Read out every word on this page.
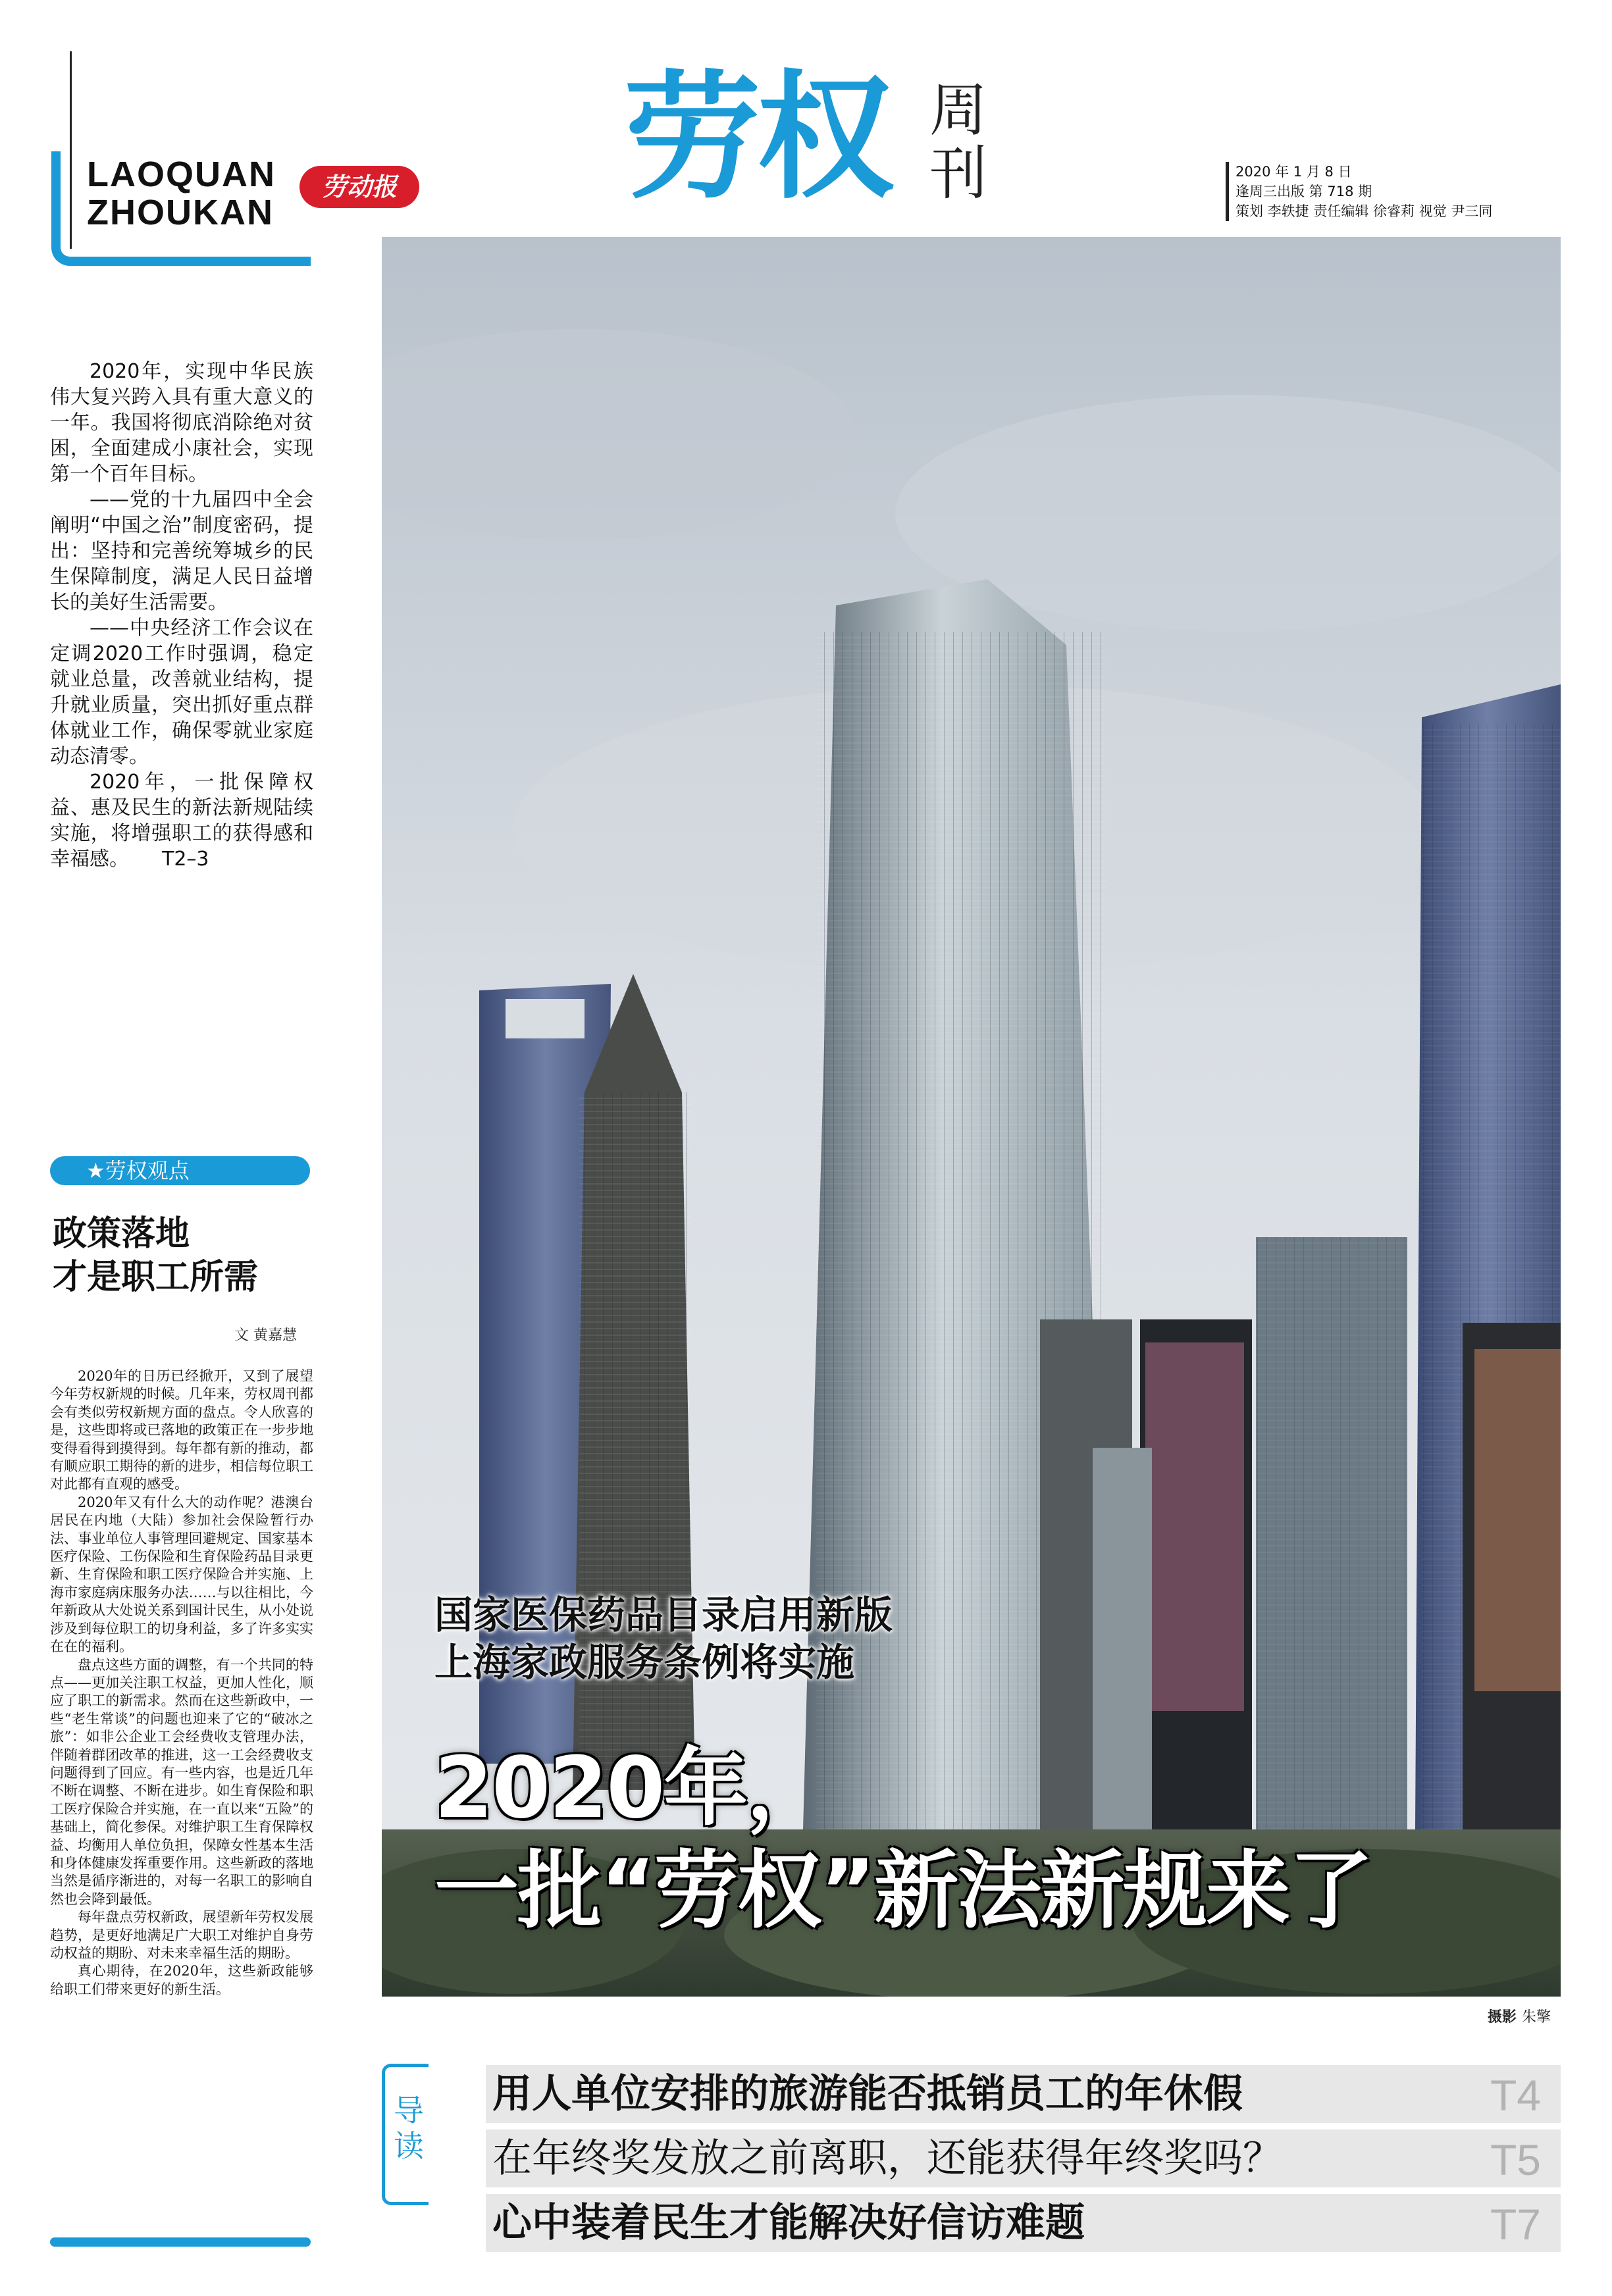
LAOQUAN
ZHOUKAN
劳动报 劳权 周刊	2020 年 1 月 8 日
逢周三出版 第 718 期
策划 李轶捷 责任编辑 徐睿莉 视觉 尹三同

2020年，实现中华民族伟大复兴跨入具有重大意义的一年。我国将彻底消除绝对贫困，全面建成小康社会，实现第一个百年目标。

——党的十九届四中全会阐明“中国之治”制度密码，提出：坚持和完善统筹城乡的民生保障制度，满足人民日益增长的美好生活需要。

——中央经济工作会议在定调2020工作时强调，稳定就业总量，改善就业结构，提升就业质量，突出抓好重点群体就业工作，确保零就业家庭动态清零。

2020年，一批保障权益、惠及民生的新法新规陆续实施，将增强职工的获得感和幸福感。 T2–3

★劳权观点
政策落地
才是职工所需
文 黄嘉慧

2020年的日历已经掀开，又到了展望今年劳权新规的时候。几年来，劳权周刊都会有类似劳权新规方面的盘点。令人欣喜的是，这些即将或已落地的政策正在一步步地变得看得到摸得到。每年都有新的推动，都有顺应职工期待的新的进步，相信每位职工对此都有直观的感受。

2020年又有什么大的动作呢？港澳台居民在内地（大陆）参加社会保险暂行办法、事业单位人事管理回避规定、国家基本医疗保险、工伤保险和生育保险药品目录更新、生育保险和职工医疗保险合并实施、上海市家庭病床服务办法……与以往相比，今年新政从大处说关系到国计民生，从小处说涉及到每位职工的切身利益，多了许多实实在在的福利。

盘点这些方面的调整，有一个共同的特点——更加关注职工权益，更加人性化，顺应了职工的新需求。然而在这些新政中，一些“老生常谈”的问题也迎来了它的“破冰之旅”：如非公企业工会经费收支管理办法，伴随着群团改革的推进，这一工会经费收支问题得到了回应。有一些内容，也是近几年不断在调整、不断在进步。如生育保险和职工医疗保险合并实施，在一直以来“五险”的基础上，简化参保。对维护职工生育保障权益、均衡用人单位负担，保障女性基本生活和身体健康发挥重要作用。这些新政的落地当然是循序渐进的，对每一名职工的影响自然也会降到最低。

每年盘点劳权新政，展望新年劳权发展趋势，是更好地满足广大职工对维护自身劳动权益的期盼、对未来幸福生活的期盼。

真心期待，在2020年，这些新政能够给职工们带来更好的新生活。

国家医保药品目录启用新版
上海家政服务条例将实施
2020年，
一批“劳权”新法新规来了
摄影 朱擎
导读
用人单位安排的旅游能否抵销员工的年休假	T4
在年终奖发放之前离职，还能获得年终奖吗？	T5
心中装着民生才能解决好信访难题	T7
